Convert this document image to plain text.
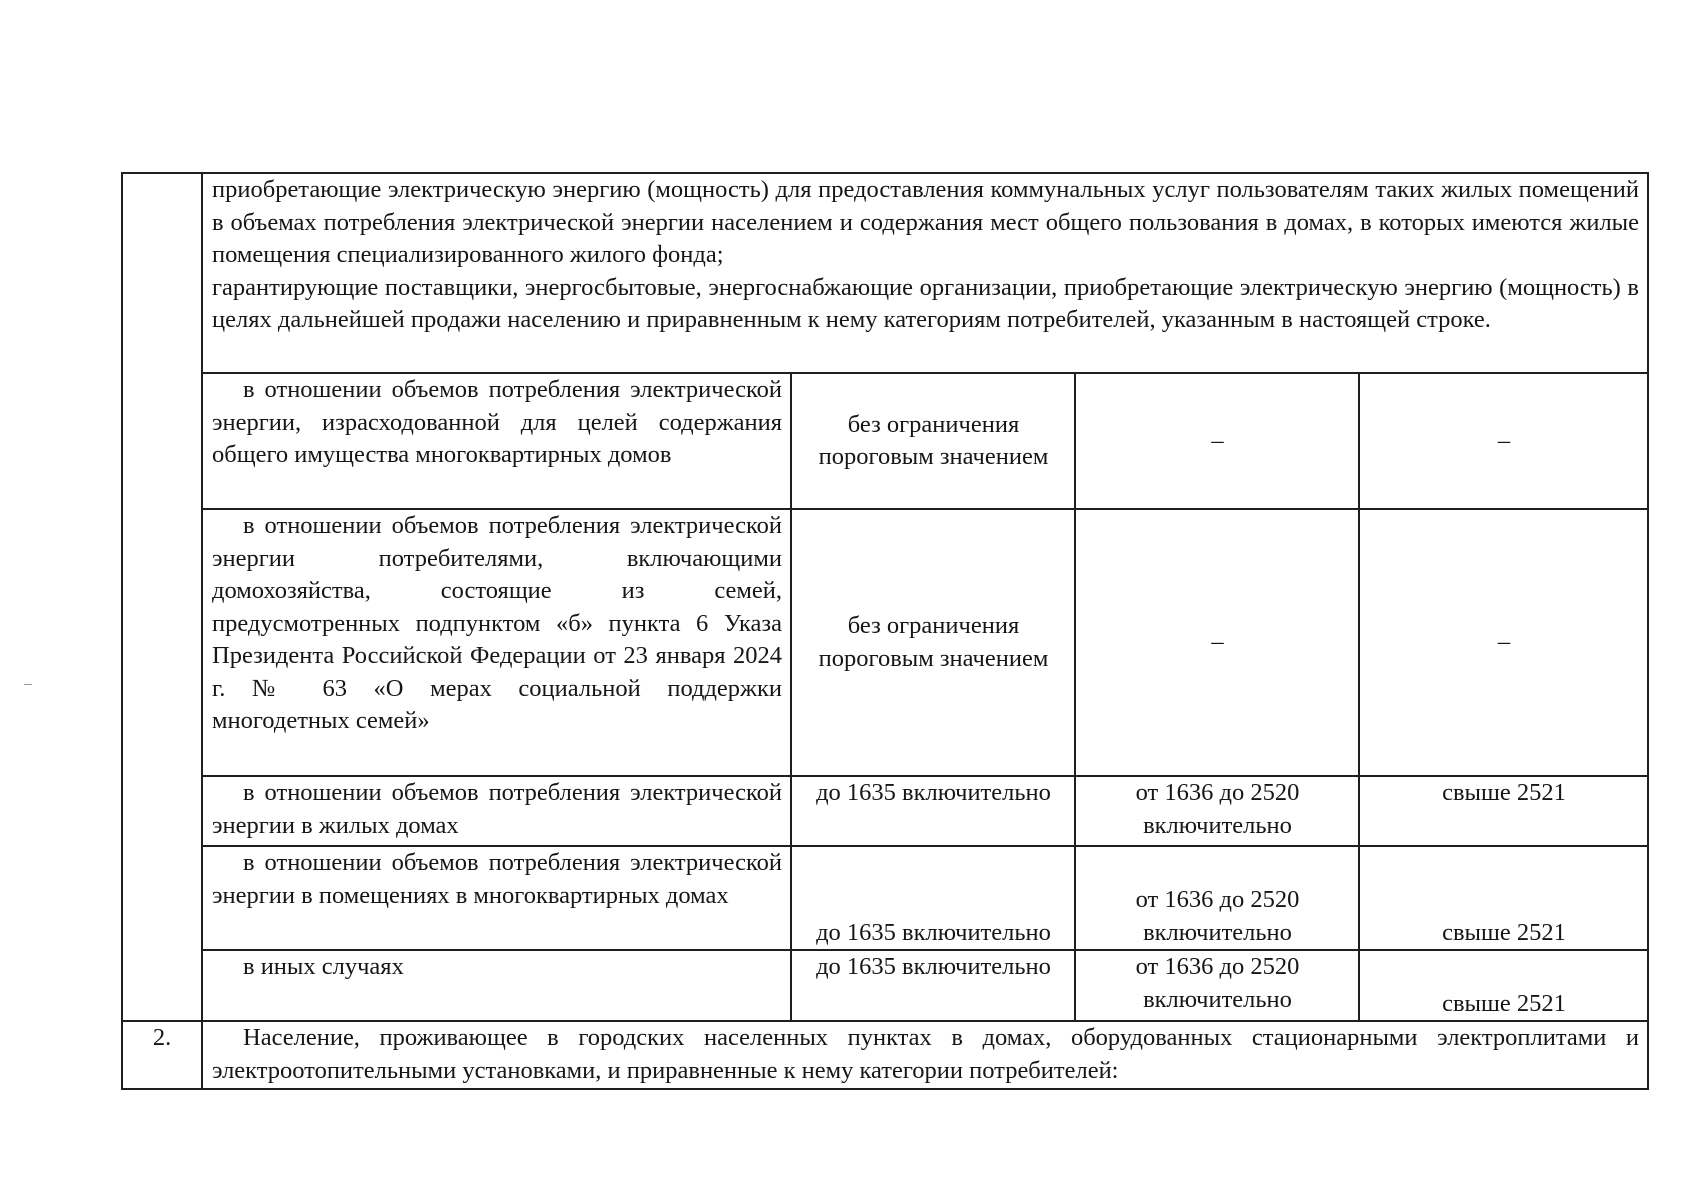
	приобретающие электрическую энергию (мощность) для предоставления коммунальных услуг пользователям таких жилых помещений в объемах потребления электрической энергии населением и содержания мест общего пользования в домах, в которых имеются жилые помещения специализированного жилого фонда;
гарантирующие поставщики, энергосбытовые, энергоснабжающие организации, приобретающие электрическую энергию (мощность) в целях дальнейшей продажи населению и приравненным к нему категориям потребителей, указанным в настоящей строке.			

	в отношении объемов потребления электрической энергии, израсходованной для целей содержания общего имущества многоквартирных домов	без ограничения пороговым значением	–	–
	в отношении объемов потребления электрической энергии потребителями, включающими домохозяйства, состоящие из семей, предусмотренных подпунктом «б» пункта 6 Указа Президента Российской Федерации от 23 января 2024 г. № 63 «О мерах социальной поддержки многодетных семей»	без ограничения пороговым значением	–	–
	в отношении объемов потребления электрической энергии в жилых домах	до 1635 включительно	от 1636 до 2520 включительно	свыше 2521
	в отношении объемов потребления электрической энергии в помещениях в многоквартирных домах	до 1635 включительно	от 1636 до 2520 включительно	свыше 2521
	в иных случаях	до 1635 включительно	от 1636 до 2520 включительно	свыше 2521
2.	Население, проживающее в городских населенных пунктах в домах, оборудованных стационарными электроплитами и электроотопительными установками, и приравненные к нему категории потребителей:			
